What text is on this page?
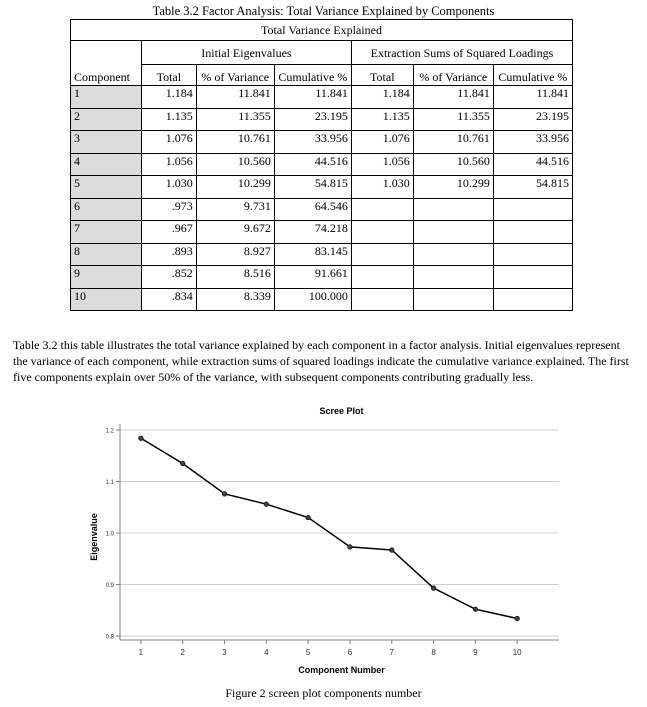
Table 3.2 Factor Analysis: Total Variance Explained by Components
Total Variance Explained						
	Initial Eigenvalues			Extraction Sums of Squared Loadings		
Component	Total	% of Variance	Cumulative %	Total	% of Variance	Cumulative %
1	1.184	11.841	11.841	1.184	11.841	11.841
2	1.135	11.355	23.195	1.135	11.355	23.195
3	1.076	10.761	33.956	1.076	10.761	33.956
4	1.056	10.560	44.516	1.056	10.560	44.516
5	1.030	10.299	54.815	1.030	10.299	54.815
6	.973	9.731	64.546			
7	.967	9.672	74.218			
8	.893	8.927	83.145			
9	.852	8.516	91.661			
10	.834	8.339	100.000			
Table 3.2 this table illustrates the total variance explained by each component in a factor analysis. Initial eigenvalues represent the variance of each component, while extraction sums of squared loadings indicate the cumulative variance explained. The first five components explain over 50% of the variance, with subsequent components contributing gradually less.
Scree Plot
0.8
0.9
1.0
1.1
1.2
1	2	3	4	5	6	7	8	9	10
Component Number
Eigenvalue
Figure 2 screen plot components number
